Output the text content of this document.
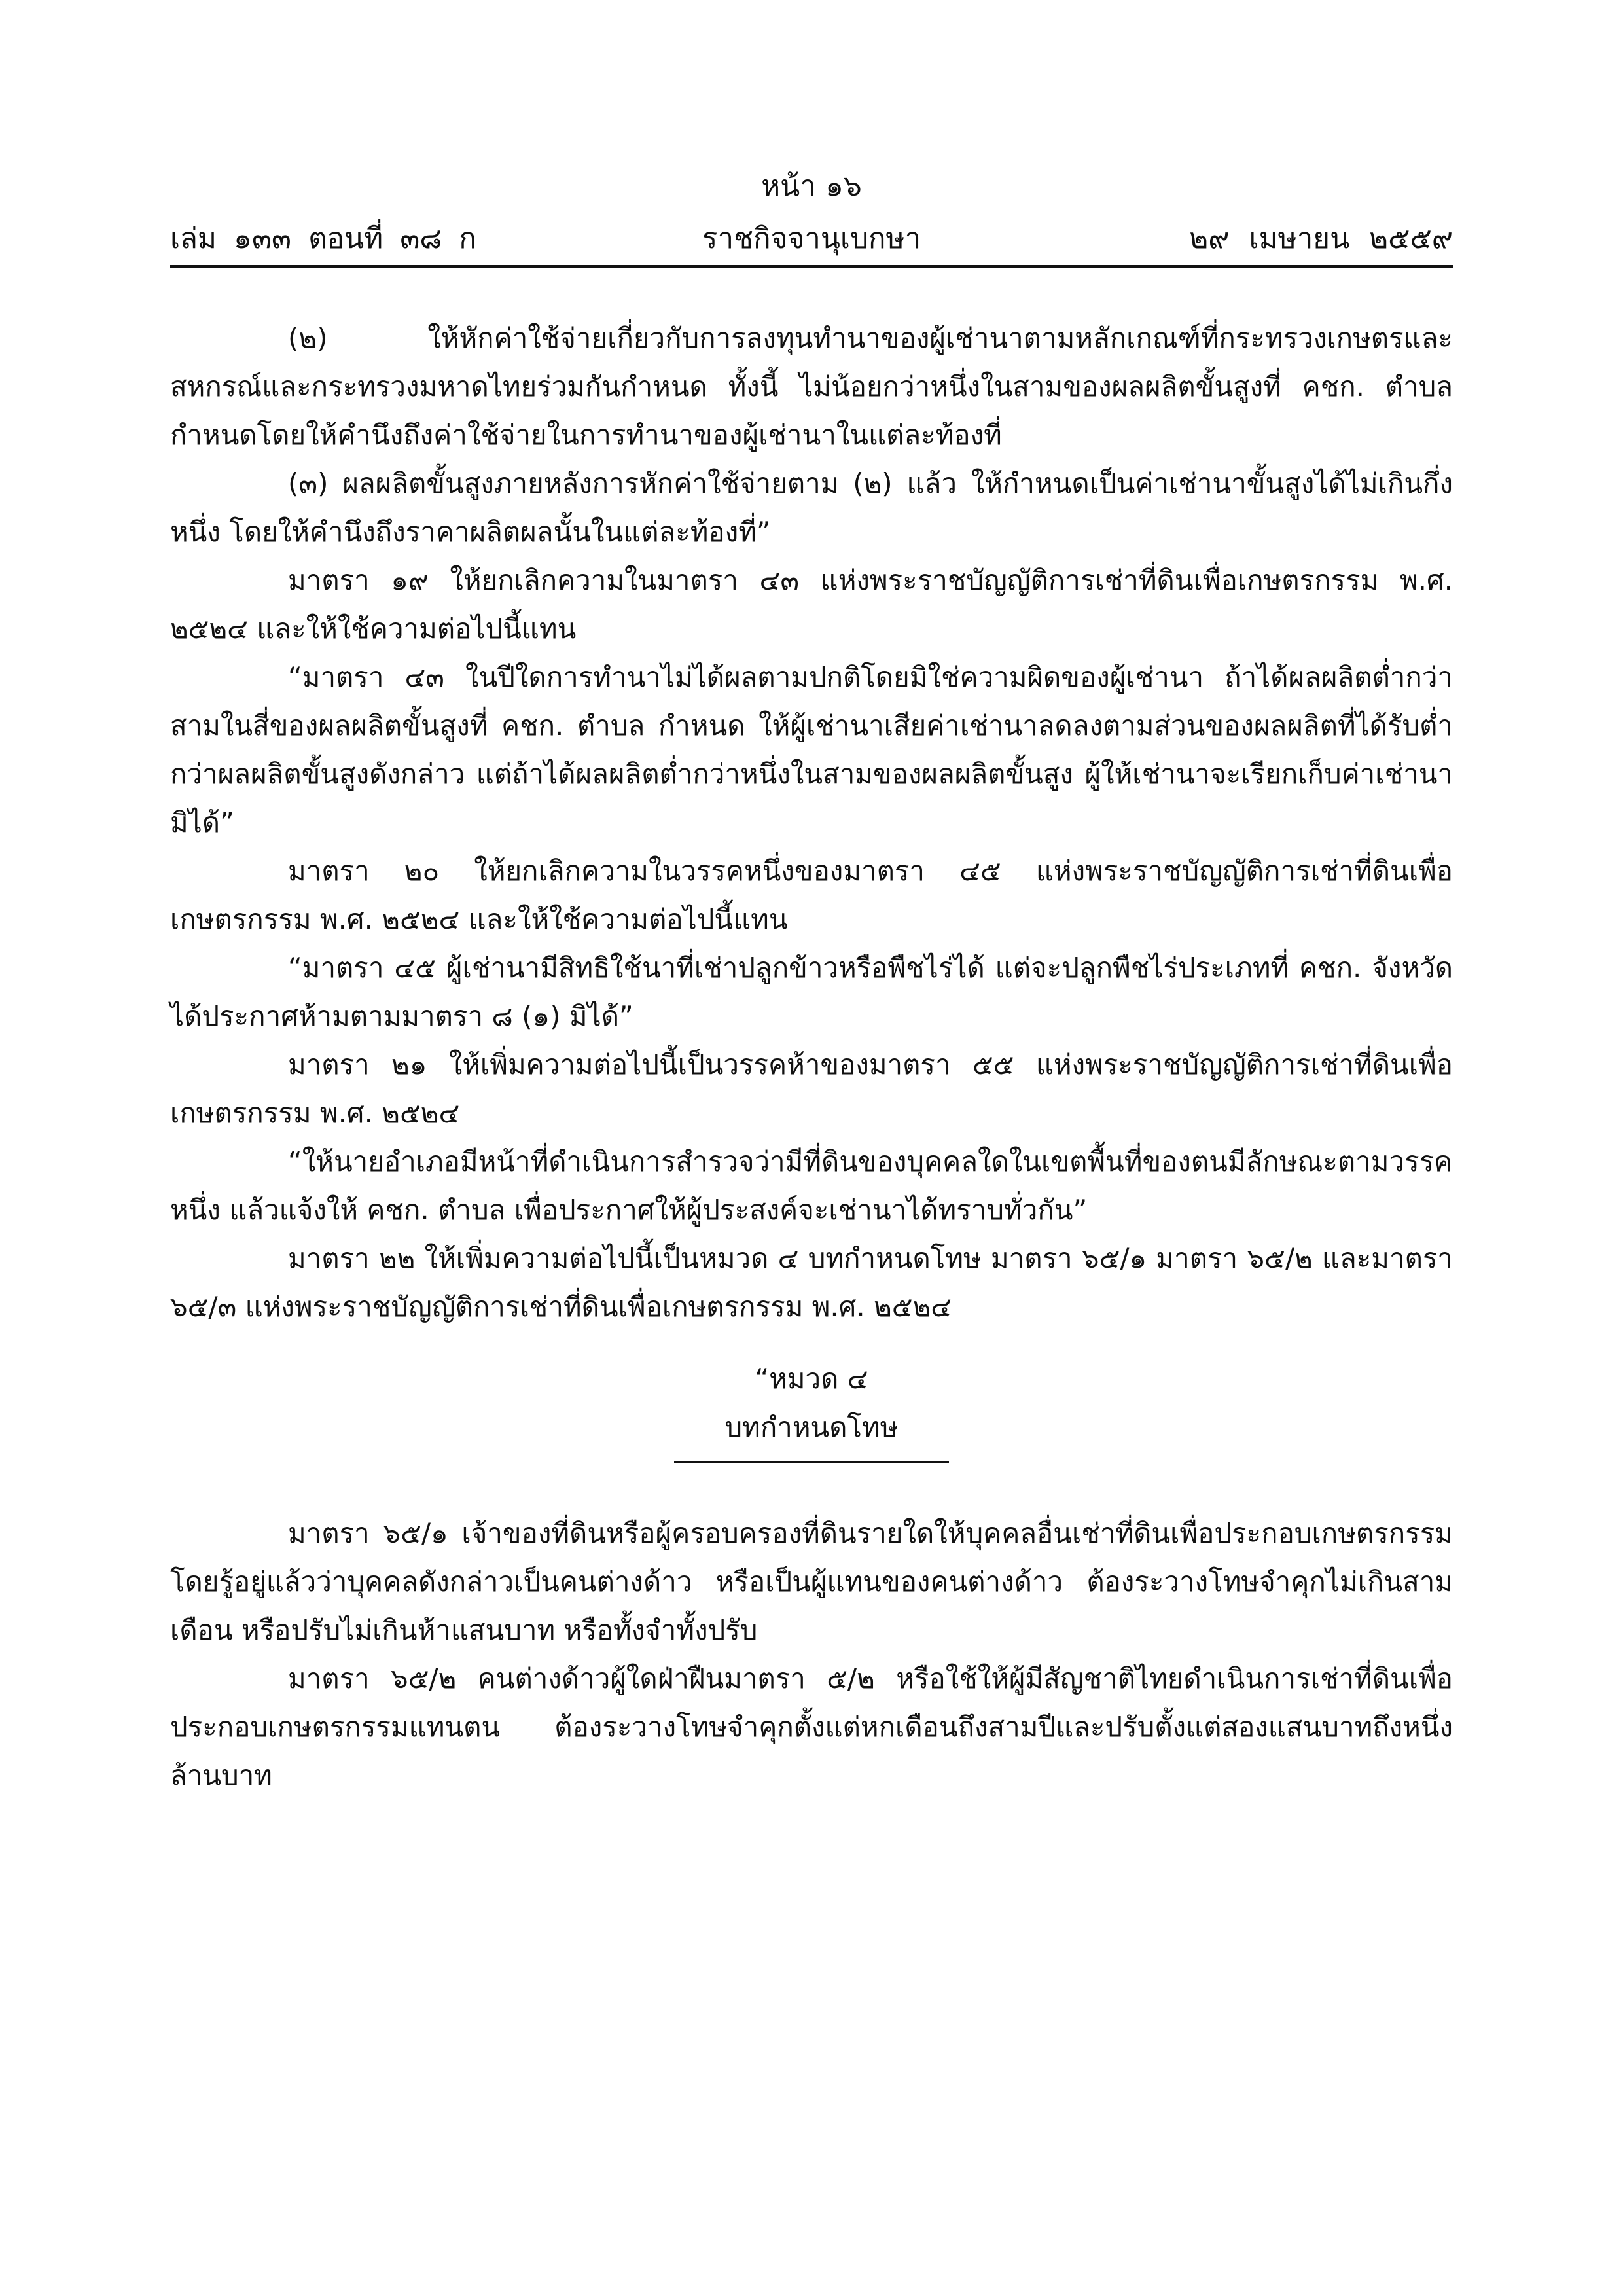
หน้า ๑๖
เล่ม ๑๓๓ ตอนที่ ๓๘ ก	ราชกิจจานุเบกษา	๒๙ เมษายน ๒๕๕๙

(๒) ให้หักค่าใช้จ่ายเกี่ยวกับการลงทุนทำนาของผู้เช่านาตามหลักเกณฑ์ที่กระทรวงเกษตรและสหกรณ์และกระทรวงมหาดไทยร่วมกันกำหนด ทั้งนี้ ไม่น้อยกว่าหนึ่งในสามของผลผลิตขั้นสูงที่ คชก. ตำบล กำหนดโดยให้คำนึงถึงค่าใช้จ่ายในการทำนาของผู้เช่านาในแต่ละท้องที่

(๓) ผลผลิตขั้นสูงภายหลังการหักค่าใช้จ่ายตาม (๒) แล้ว ให้กำหนดเป็นค่าเช่านาขั้นสูงได้ไม่เกินกึ่งหนึ่ง โดยให้คำนึงถึงราคาผลิตผลนั้นในแต่ละท้องที่”

มาตรา ๑๙ ให้ยกเลิกความในมาตรา ๔๓ แห่งพระราชบัญญัติการเช่าที่ดินเพื่อเกษตรกรรม พ.ศ. ๒๕๒๔ และให้ใช้ความต่อไปนี้แทน

“มาตรา ๔๓ ในปีใดการทำนาไม่ได้ผลตามปกติโดยมิใช่ความผิดของผู้เช่านา ถ้าได้ผลผลิตต่ำกว่าสามในสี่ของผลผลิตขั้นสูงที่ คชก. ตำบล กำหนด ให้ผู้เช่านาเสียค่าเช่านาลดลงตามส่วนของผลผลิตที่ได้รับต่ำกว่าผลผลิตขั้นสูงดังกล่าว แต่ถ้าได้ผลผลิตต่ำกว่าหนึ่งในสามของผลผลิตขั้นสูง ผู้ให้เช่านาจะเรียกเก็บค่าเช่านามิได้”

มาตรา ๒๐ ให้ยกเลิกความในวรรคหนึ่งของมาตรา ๔๕ แห่งพระราชบัญญัติการเช่าที่ดินเพื่อเกษตรกรรม พ.ศ. ๒๕๒๔ และให้ใช้ความต่อไปนี้แทน

“มาตรา ๔๕ ผู้เช่านามีสิทธิใช้นาที่เช่าปลูกข้าวหรือพืชไร่ได้ แต่จะปลูกพืชไร่ประเภทที่ คชก. จังหวัด ได้ประกาศห้ามตามมาตรา ๘ (๑) มิได้”

มาตรา ๒๑ ให้เพิ่มความต่อไปนี้เป็นวรรคห้าของมาตรา ๕๕ แห่งพระราชบัญญัติการเช่าที่ดินเพื่อเกษตรกรรม พ.ศ. ๒๕๒๔

“ให้นายอำเภอมีหน้าที่ดำเนินการสำรวจว่ามีที่ดินของบุคคลใดในเขตพื้นที่ของตนมีลักษณะตามวรรคหนึ่ง แล้วแจ้งให้ คชก. ตำบล เพื่อประกาศให้ผู้ประสงค์จะเช่านาได้ทราบทั่วกัน”

มาตรา ๒๒ ให้เพิ่มความต่อไปนี้เป็นหมวด ๔ บทกำหนดโทษ มาตรา ๖๕/๑ มาตรา ๖๕/๒ และมาตรา ๖๕/๓ แห่งพระราชบัญญัติการเช่าที่ดินเพื่อเกษตรกรรม พ.ศ. ๒๕๒๔

“หมวด ๔

บทกำหนดโทษ

มาตรา ๖๕/๑ เจ้าของที่ดินหรือผู้ครอบครองที่ดินรายใดให้บุคคลอื่นเช่าที่ดินเพื่อประกอบเกษตรกรรมโดยรู้อยู่แล้วว่าบุคคลดังกล่าวเป็นคนต่างด้าว หรือเป็นผู้แทนของคนต่างด้าว ต้องระวางโทษจำคุกไม่เกินสามเดือน หรือปรับไม่เกินห้าแสนบาท หรือทั้งจำทั้งปรับ

มาตรา ๖๕/๒ คนต่างด้าวผู้ใดฝ่าฝืนมาตรา ๕/๒ หรือใช้ให้ผู้มีสัญชาติไทยดำเนินการเช่าที่ดินเพื่อประกอบเกษตรกรรมแทนตน ต้องระวางโทษจำคุกตั้งแต่หกเดือนถึงสามปีและปรับตั้งแต่สองแสนบาทถึงหนึ่งล้านบาท
